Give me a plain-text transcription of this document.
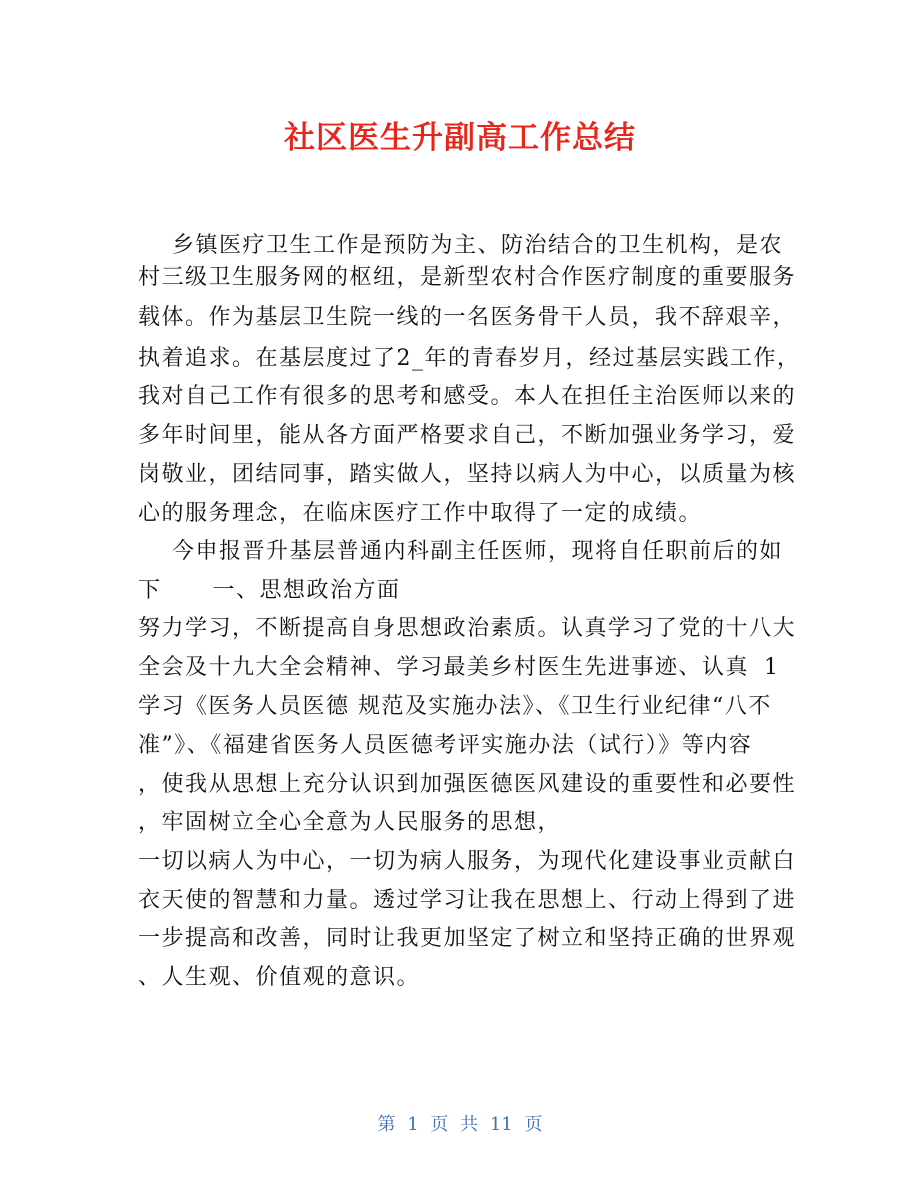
社区医生升副高工作总结
乡镇医疗卫生工作是预防为主、防治结合的卫生机构，是农
村三级卫生服务网的枢纽，是新型农村合作医疗制度的重要服务
载体。作为基层卫生院一线的一名医务骨干人员，我不辞艰辛，
执着追求。在基层度过了2_年的青春岁月，经过基层实践工作，
我对自己工作有很多的思考和感受。本人在担任主治医师以来的
多年时间里，能从各方面严格要求自己，不断加强业务学习，爱
岗敬业，团结同事，踏实做人，坚持以病人为中心，以质量为核
心的服务理念，在临床医疗工作中取得了一定的成绩。
今申报晋升基层普通内科副主任医师，现将自任职前后的如
下      一、思想政治方面
努力学习，不断提高自身思想政治素质。认真学习了党的十八大
全会及十九大全会精神、学习最美乡村医生先进事迹、认真 1
学习《医务人员医德 规范及实施办法》、《卫生行业纪律“八不
准”》、《福建省医务人员医德考评实施办法（试行）》等内容
，使我从思想上充分认识到加强医德医风建设的重要性和必要性
，牢固树立全心全意为人民服务的思想，
一切以病人为中心，一切为病人服务，为现代化建设事业贡献白
衣天使的智慧和力量。透过学习让我在思想上、行动上得到了进
一步提高和改善，同时让我更加坚定了树立和坚持正确的世界观
、人生观、价值观的意识。
第 1 页 共 11 页
